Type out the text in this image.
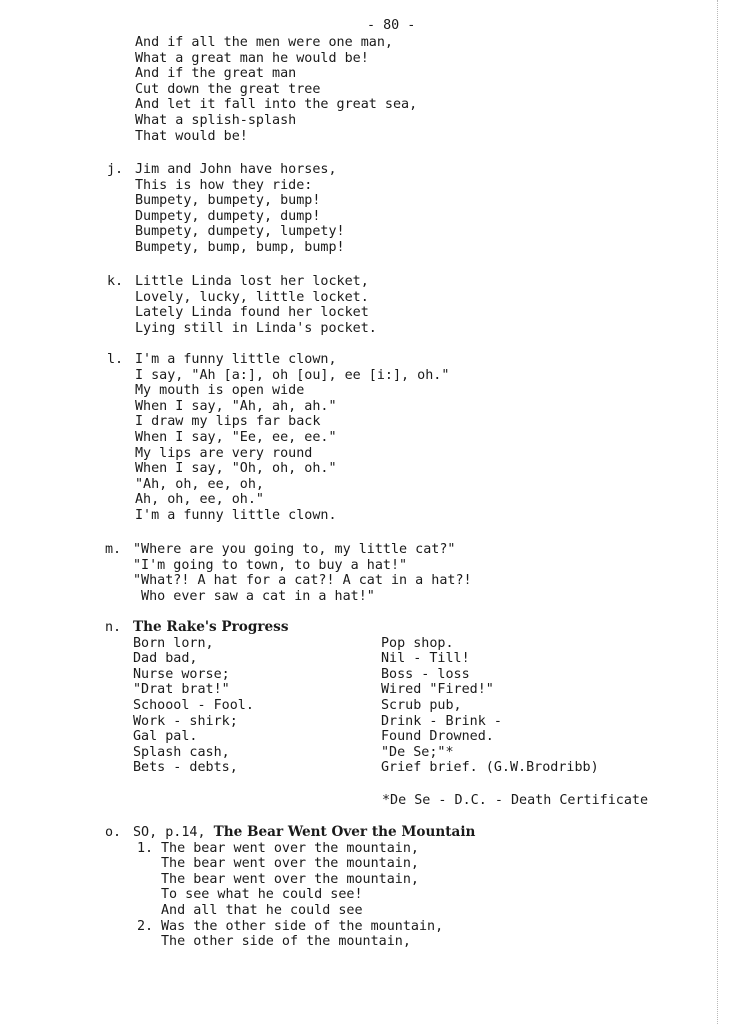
- 80 -
And if all the men were one man,
What a great man he would be!
And if the great man
Cut down the great tree
And let it fall into the great sea,
What a splish-splash
That would be!
j. Jim and John have horses,
This is how they ride:
Bumpety, bumpety, bump!
Dumpety, dumpety, dump!
Bumpety, dumpety, lumpety!
Bumpety, bump, bump, bump!
k. Little Linda lost her locket,
Lovely, lucky, little locket.
Lately Linda found her locket
Lying still in Linda's pocket.
l. I'm a funny little clown,
I say, "Ah [a:], oh [ou], ee [i:], oh."
My mouth is open wide
When I say, "Ah, ah, ah."
I draw my lips far back
When I say, "Ee, ee, ee."
My lips are very round
When I say, "Oh, oh, oh."
"Ah, oh, ee, oh,
Ah, oh, ee, oh."
I'm a funny little clown.
m. "Where are you going to, my little cat?"
"I'm going to town, to buy a hat!"
"What?! A hat for a cat?! A cat in a hat?!
Who ever saw a cat in a hat!"
n. The Rake's Progress
Born lorn,
Dad bad,
Nurse worse;
"Drat brat!"
Schoool - Fool.
Work - shirk;
Gal pal.
Splash cash,
Bets - debts,
Pop shop.
Nil - Till!
Boss - loss
Wired "Fired!"
Scrub pub,
Drink - Brink -
Found Drowned.
"De Se;"*
Grief brief. (G.W.Brodribb)
*De Se - D.C. - Death Certificate
o. SO, p.14, The Bear Went Over the Mountain
1. The bear went over the mountain,
The bear went over the mountain,
The bear went over the mountain,
To see what he could see!
And all that he could see
2. Was the other side of the mountain,
The other side of the mountain,
